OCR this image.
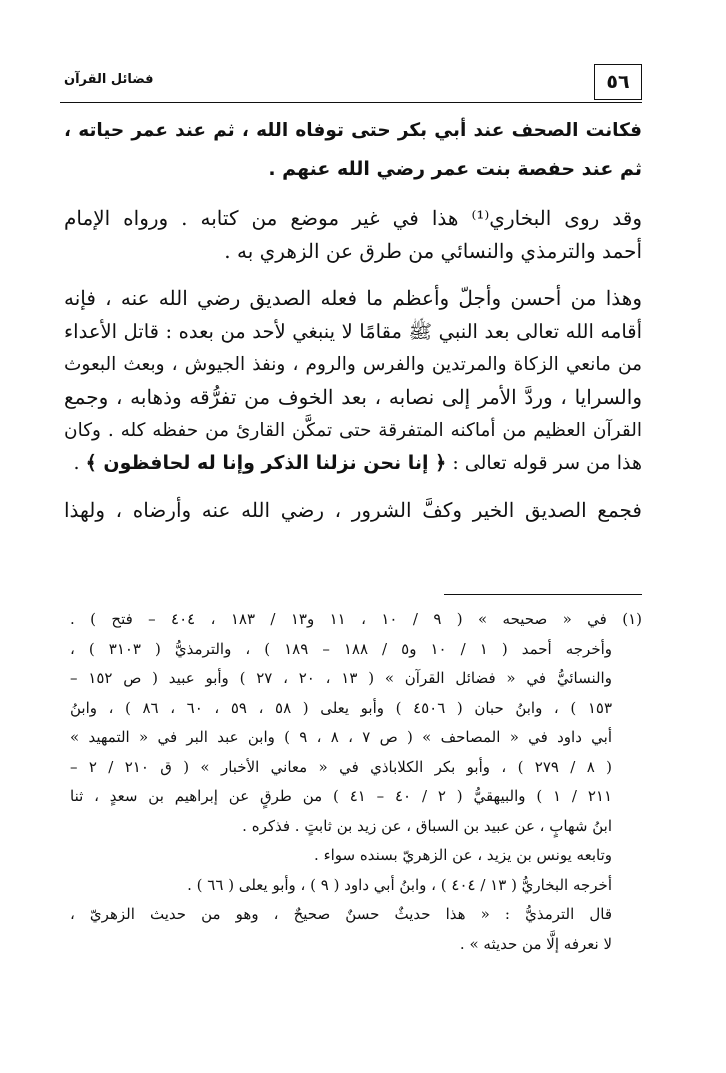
٥٦
فضائل القرآن

فكانت الصحف عند أبي بكر حتى توفاه الله ، ثم عند عمر حياته ،

ثم عند حفصة بنت عمر رضي الله عنهم .

وقد روى البخاري⁽¹⁾ هذا في غير موضع من كتابه . ورواه الإمام

أحمد والترمذي والنسائي من طرق عن الزهري به .

وهذا من أحسن وأجلّ وأعظم ما فعله الصديق رضي الله عنه ، فإنه

أقامه الله تعالى بعد النبي ﷺ مقامًا لا ينبغي لأحد من بعده : قاتل الأعداء

من مانعي الزكاة والمرتدين والفرس والروم ، ونفذ الجيوش ، وبعث البعوث

والسرايا ، وردَّ الأمر إلى نصابه ، بعد الخوف من تفرُّقه وذهابه ، وجمع

القرآن العظيم من أماكنه المتفرقة حتى تمكَّن القارئ من حفظه كله . وكان

هذا من سر قوله تعالى : ﴿ إنا نحن نزلنا الذكر وإنا له لحافظون ﴾ .

فجمع الصديق الخير وكفَّ الشرور ، رضي الله عنه وأرضاه ، ولهذا

(١) في « صحيحه » ( ٩ / ١٠ ، ١١ و١٣ / ١٨٣ ، ٤٠٤ – فتح ) .

وأخرجه أحمد ( ١ / ١٠ و٥ / ١٨٨ – ١٨٩ ) ، والترمذيُّ ( ٣١٠٣ ) ،

والنسائيُّ في « فضائل القرآن » ( ١٣ ، ٢٠ ، ٢٧ ) وأبو عبيد ( ص ١٥٢ –

١٥٣ ) ، وابنُ حبان ( ٤٥٠٦ ) وأبو يعلى ( ٥٨ ، ٥٩ ، ٦٠ ، ٨٦ ) ، وابنُ

أبي داود في « المصاحف » ( ص ٧ ، ٨ ، ٩ ) وابن عبد البر في « التمهيد »

( ٨ / ٢٧٩ ) ، وأبو بكر الكلاباذي في « معاني الأخبار » ( ق ٢١٠ / ٢ –

٢١١ / ١ ) والبيهقيُّ ( ٢ / ٤٠ – ٤١ ) من طرقٍ عن إبراهيم بن سعدٍ ، ثنا

ابنُ شهابٍ ، عن عبيد بن السباق ، عن زيد بن ثابتٍ . فذكره .

وتابعه يونس بن يزيد ، عن الزهريّ بسنده سواء .

أخرجه البخاريُّ ( ١٣ / ٤٠٤ ) ، وابنُ أبي داود ( ٩ ) ، وأبو يعلى ( ٦٦ ) .

قال الترمذيُّ : « هذا حديثٌ حسنٌ صحيحٌ ، وهو من حديث الزهريّ ،

لا نعرفه إلَّا من حديثه » .
